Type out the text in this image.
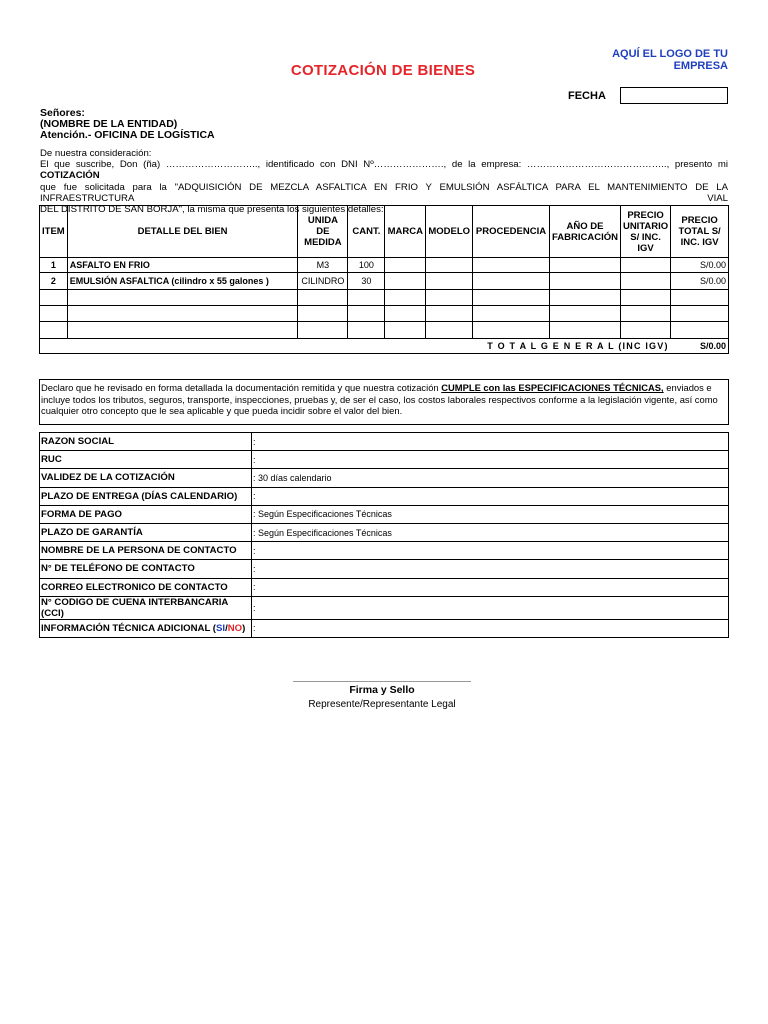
AQUÍ EL LOGO DE TU EMPRESA
COTIZACIÓN DE BIENES
FECHA
Señores:
(NOMBRE DE LA ENTIDAD)
Atención.- OFICINA DE LOGÍSTICA
De nuestra consideración:
El que suscribe, Don (ña) ……………………….., identificado con DNI Nº…………………., de la empresa: …………………………………….., presento mi COTIZACIÓN
que fue solicitada para la "ADQUISICIÓN DE MEZCLA ASFALTICA EN FRIO Y EMULSIÓN ASFÁLTICA PARA EL MANTENIMIENTO DE LA INFRAESTRUCTURA VIAL
DEL DISTRITO DE SAN BORJA", la misma que presenta los siguientes detalles:
ITEM	DETALLE DEL BIEN	UNIDA DE MEDIDA	CANT.	MARCA	MODELO	PROCEDENCIA	AÑO DE FABRICACIÓN	PRECIO UNITARIO S/ INC. IGV	PRECIO TOTAL S/ INC. IGV
1	ASFALTO EN FRIO	M3	100						S/0.00
2	EMULSIÓN ASFALTICA (cilindro x 55 galones )	CILINDRO	30						S/0.00

	T O T A L G E N E R A L (INC IGV)								S/0.00
Declaro que he revisado en forma detallada la documentación remitida y que nuestra cotización CUMPLE con las ESPECIFICACIONES TÉCNICAS, enviados e incluye todos los tributos, seguros, transporte, inspecciones, pruebas y, de ser el caso, los costos laborales respectivos conforme a la legislación vigente, así como cualquier otro concepto que le sea aplicable y que pueda incidir sobre el valor del bien.
RAZON SOCIAL	:
RUC	:
VALIDEZ DE LA COTIZACIÓN	: 30 días calendario
PLAZO DE ENTREGA (DÍAS CALENDARIO)	:
FORMA DE PAGO	: Según Especificaciones Técnicas
PLAZO DE GARANTÍA	: Según Especificaciones Técnicas
NOMBRE DE LA PERSONA DE CONTACTO	:
N° DE TELÉFONO DE CONTACTO	:
CORREO ELECTRONICO DE CONTACTO	:
N° CODIGO DE CUENA INTERBANCARIA (CCI)	:
INFORMACIÓN TÉCNICA ADICIONAL (SI/NO)	:
Firma y Sello
Represente/Representante Legal
